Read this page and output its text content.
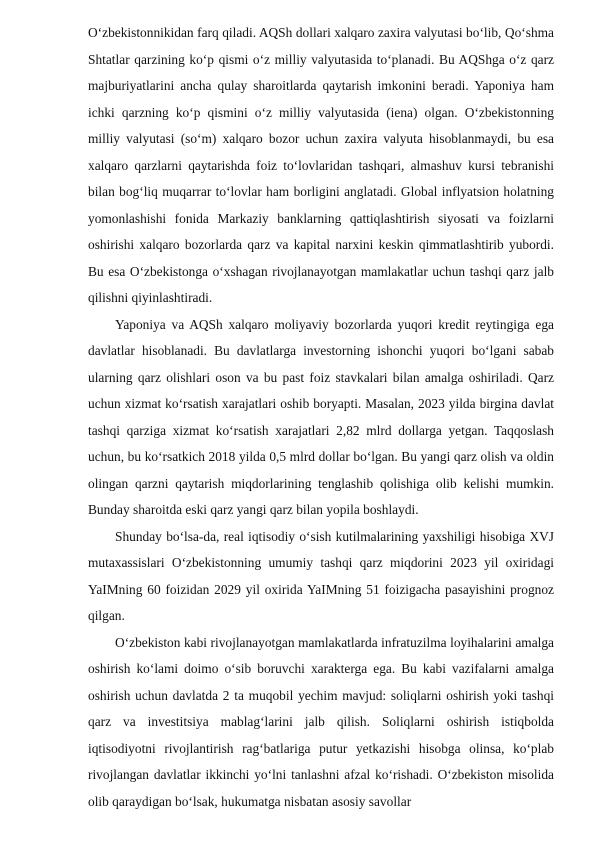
O‘zbekistonnikidan farq qiladi. AQSh dollari xalqaro zaxira valyutasi bo‘lib, Qo‘shma Shtatlar qarzining ko‘p qismi o‘z milliy valyutasida to‘planadi. Bu AQShga o‘z qarz majburiyatlarini ancha qulay sharoitlarda qaytarish imkonini beradi. Yaponiya ham ichki qarzning ko‘p qismini o‘z milliy valyutasida (iena) olgan. O‘zbekistonning milliy valyutasi (so‘m) xalqaro bozor uchun zaxira valyuta hisoblanmaydi, bu esa xalqaro qarzlarni qaytarishda foiz to‘lovlaridan tashqari, almashuv kursi tebranishi bilan bog‘liq muqarrar to‘lovlar ham borligini anglatadi. Global inflyatsion holatning yomonlashishi fonida Markaziy banklarning qattiqlashtirish siyosati va foizlarni oshirishi xalqaro bozorlarda qarz va kapital narxini keskin qimmatlashtirib yubordi. Bu esa O‘zbekistonga o‘xshagan rivojlanayotgan mamlakatlar uchun tashqi qarz jalb qilishni qiyinlashtiradi.

Yaponiya va AQSh xalqaro moliyaviy bozorlarda yuqori kredit reytingiga ega davlatlar hisoblanadi. Bu davlatlarga investorning ishonchi yuqori bo‘lgani sabab ularning qarz olishlari oson va bu past foiz stavkalari bilan amalga oshiriladi. Qarz uchun xizmat ko‘rsatish xarajatlari oshib boryapti. Masalan, 2023 yilda birgina davlat tashqi qarziga xizmat ko‘rsatish xarajatlari 2,82 mlrd dollarga yetgan. Taqqoslash uchun, bu ko‘rsatkich 2018 yilda 0,5 mlrd dollar bo‘lgan. Bu yangi qarz olish va oldin olingan qarzni qaytarish miqdorlarining tenglashib qolishiga olib kelishi mumkin. Bunday sharoitda eski qarz yangi qarz bilan yopila boshlaydi.

Shunday bo‘lsa-da, real iqtisodiy o‘sish kutilmalarining yaxshiligi hisobiga XVJ mutaxassislari O‘zbekistonning umumiy tashqi qarz miqdorini 2023 yil oxiridagi YaIMning 60 foizidan 2029 yil oxirida YaIMning 51 foizigacha pasayishini prognoz qilgan.

O‘zbekiston kabi rivojlanayotgan mamlakatlarda infratuzilma loyihalarini amalga oshirish ko‘lami doimo o‘sib boruvchi xarakterga ega. Bu kabi vazifalarni amalga oshirish uchun davlatda 2 ta muqobil yechim mavjud: soliqlarni oshirish yoki tashqi qarz va investitsiya mablag‘larini jalb qilish. Soliqlarni oshirish istiqbolda iqtisodiyotni rivojlantirish rag‘batlariga putur yetkazishi hisobga olinsa, ko‘plab rivojlangan davlatlar ikkinchi yo‘lni tanlashni afzal ko‘rishadi. O‘zbekiston misolida olib qaraydigan bo‘lsak, hukumatga nisbatan asosiy savollar
